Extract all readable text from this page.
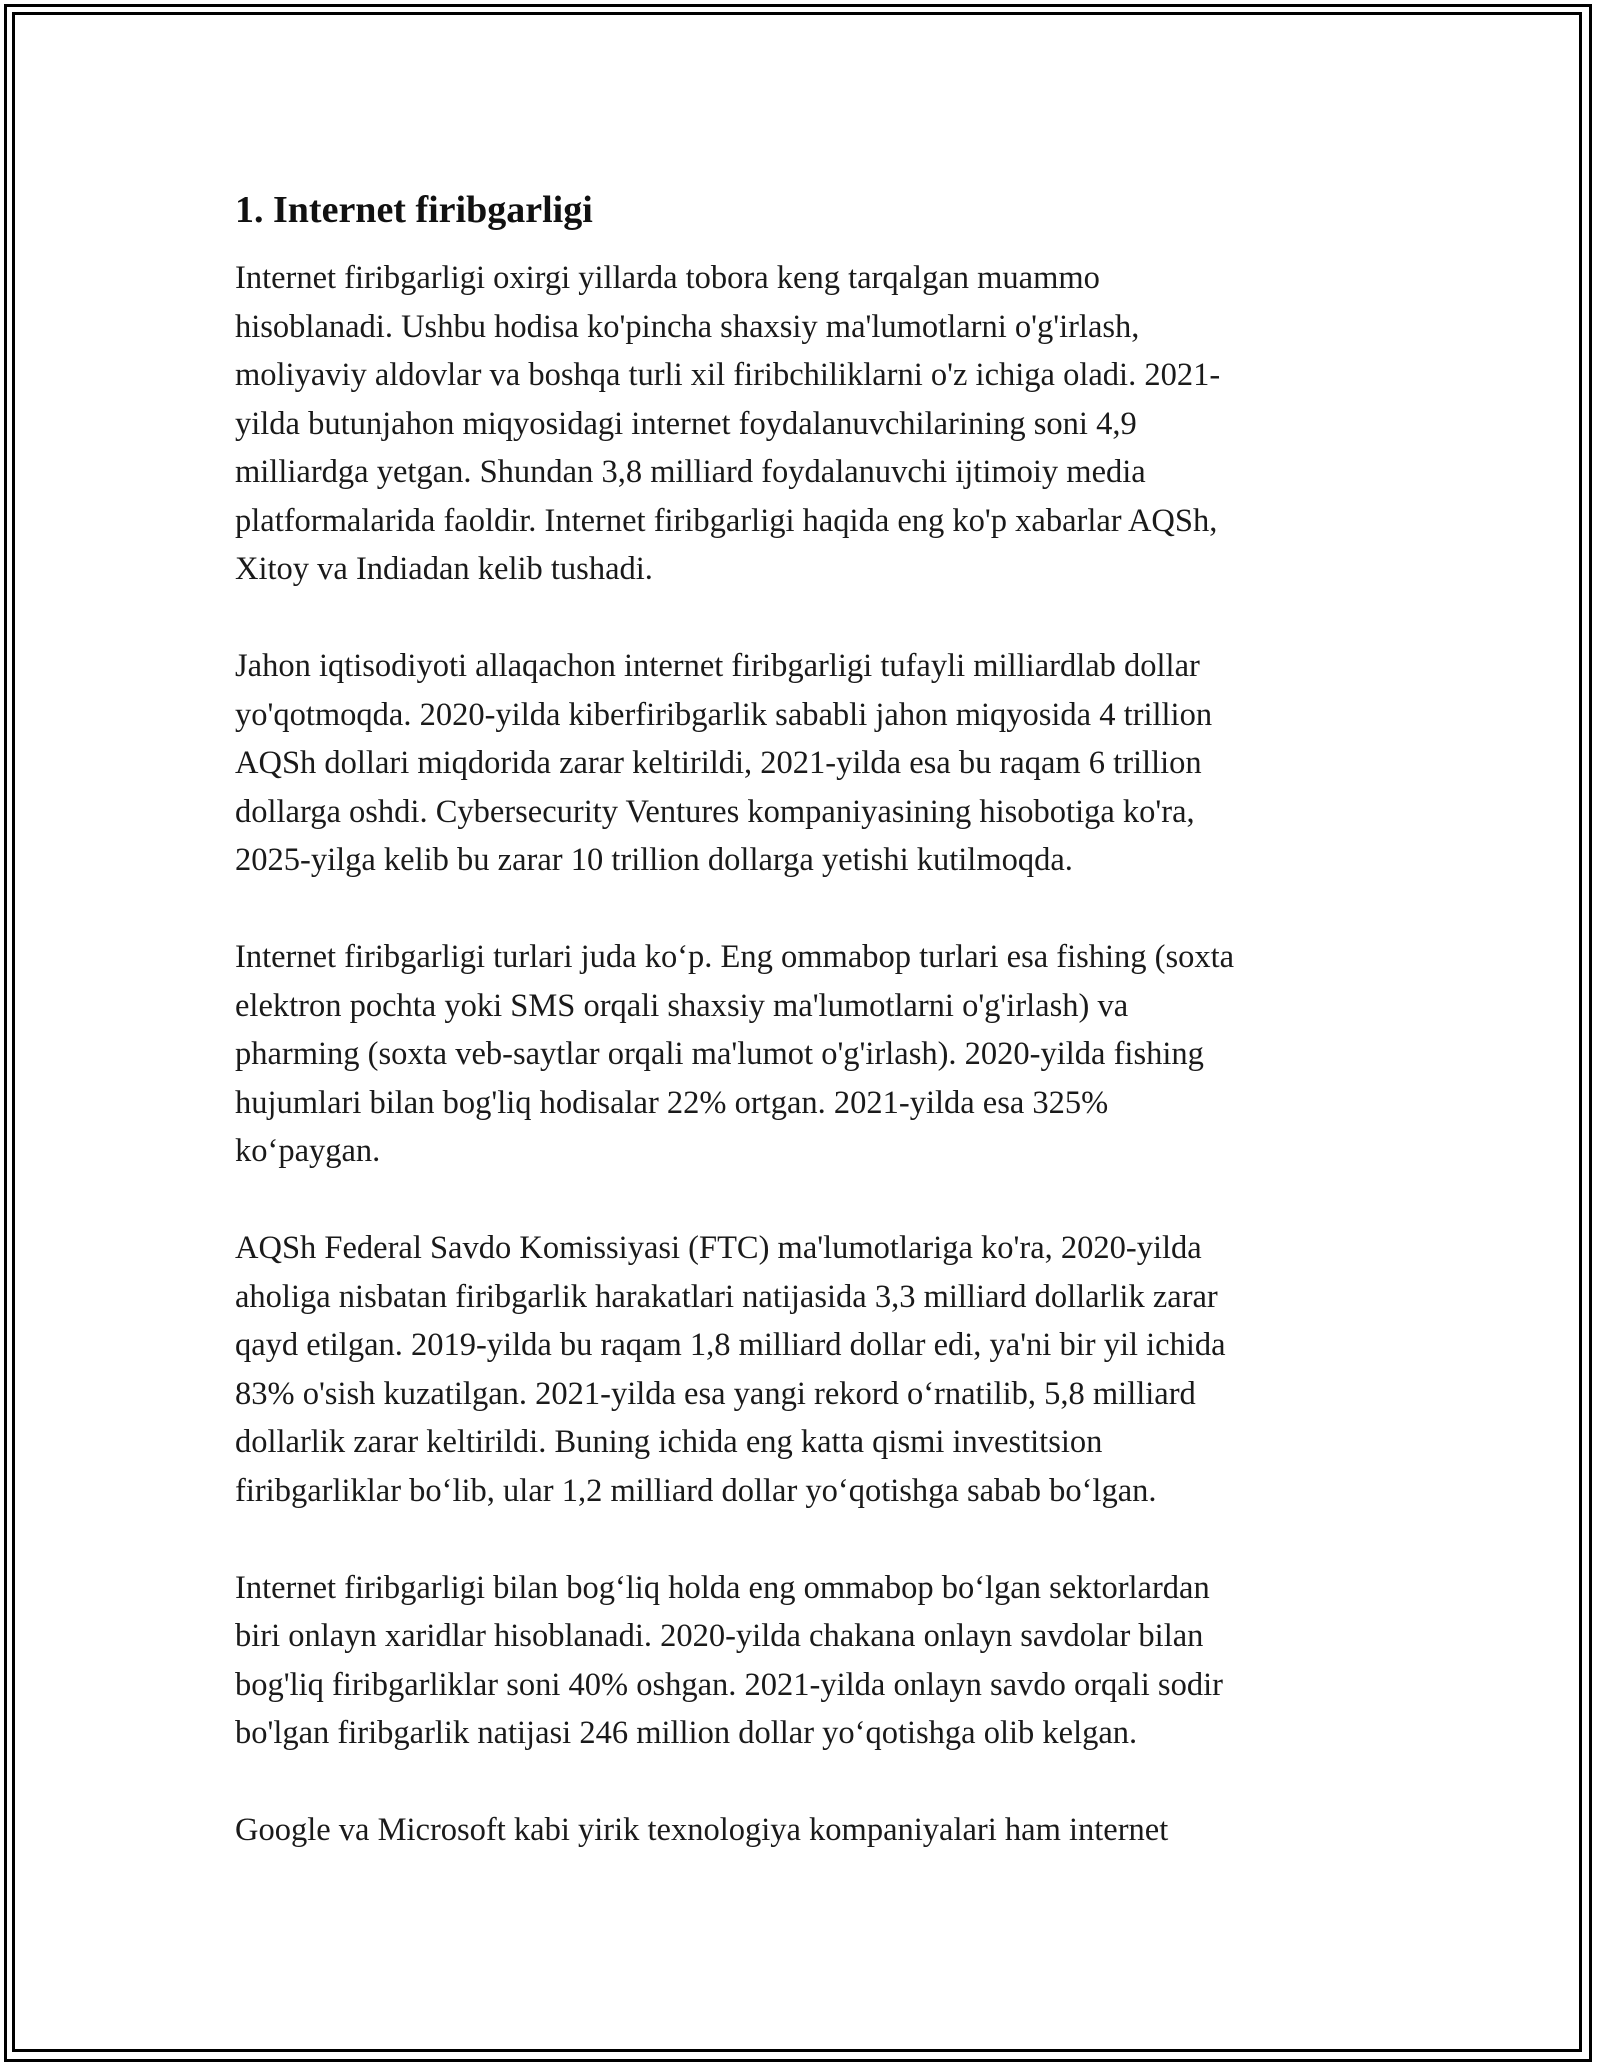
1. Internet firibgarligi
Internet firibgarligi oxirgi yillarda tobora keng tarqalgan muammo
hisoblanadi. Ushbu hodisa ko'pincha shaxsiy ma'lumotlarni o'g'irlash,
moliyaviy aldovlar va boshqa turli xil firibchiliklarni o'z ichiga oladi. 2021-
yilda butunjahon miqyosidagi internet foydalanuvchilarining soni 4,9
milliardga yetgan. Shundan 3,8 milliard foydalanuvchi ijtimoiy media
platformalarida faoldir. Internet firibgarligi haqida eng ko'p xabarlar AQSh,
Xitoy va Indiadan kelib tushadi.
Jahon iqtisodiyoti allaqachon internet firibgarligi tufayli milliardlab dollar
yo'qotmoqda. 2020-yilda kiberfiribgarlik sababli jahon miqyosida 4 trillion
AQSh dollari miqdorida zarar keltirildi, 2021-yilda esa bu raqam 6 trillion
dollarga oshdi. Cybersecurity Ventures kompaniyasining hisobotiga ko'ra,
2025-yilga kelib bu zarar 10 trillion dollarga yetishi kutilmoqda.
Internet firibgarligi turlari juda koʻp. Eng ommabop turlari esa fishing (soxta
elektron pochta yoki SMS orqali shaxsiy ma'lumotlarni o'g'irlash) va
pharming (soxta veb-saytlar orqali ma'lumot o'g'irlash). 2020-yilda fishing
hujumlari bilan bog'liq hodisalar 22% ortgan. 2021-yilda esa 325%
koʻpaygan.
AQSh Federal Savdo Komissiyasi (FTC) ma'lumotlariga ko'ra, 2020-yilda
aholiga nisbatan firibgarlik harakatlari natijasida 3,3 milliard dollarlik zarar
qayd etilgan. 2019-yilda bu raqam 1,8 milliard dollar edi, ya'ni bir yil ichida
83% o'sish kuzatilgan. 2021-yilda esa yangi rekord oʻrnatilib, 5,8 milliard
dollarlik zarar keltirildi. Buning ichida eng katta qismi investitsion
firibgarliklar boʻlib, ular 1,2 milliard dollar yoʻqotishga sabab boʻlgan.
Internet firibgarligi bilan bogʻliq holda eng ommabop boʻlgan sektorlardan
biri onlayn xaridlar hisoblanadi. 2020-yilda chakana onlayn savdolar bilan
bog'liq firibgarliklar soni 40% oshgan. 2021-yilda onlayn savdo orqali sodir
bo'lgan firibgarlik natijasi 246 million dollar yoʻqotishga olib kelgan.
Google va Microsoft kabi yirik texnologiya kompaniyalari ham internet
